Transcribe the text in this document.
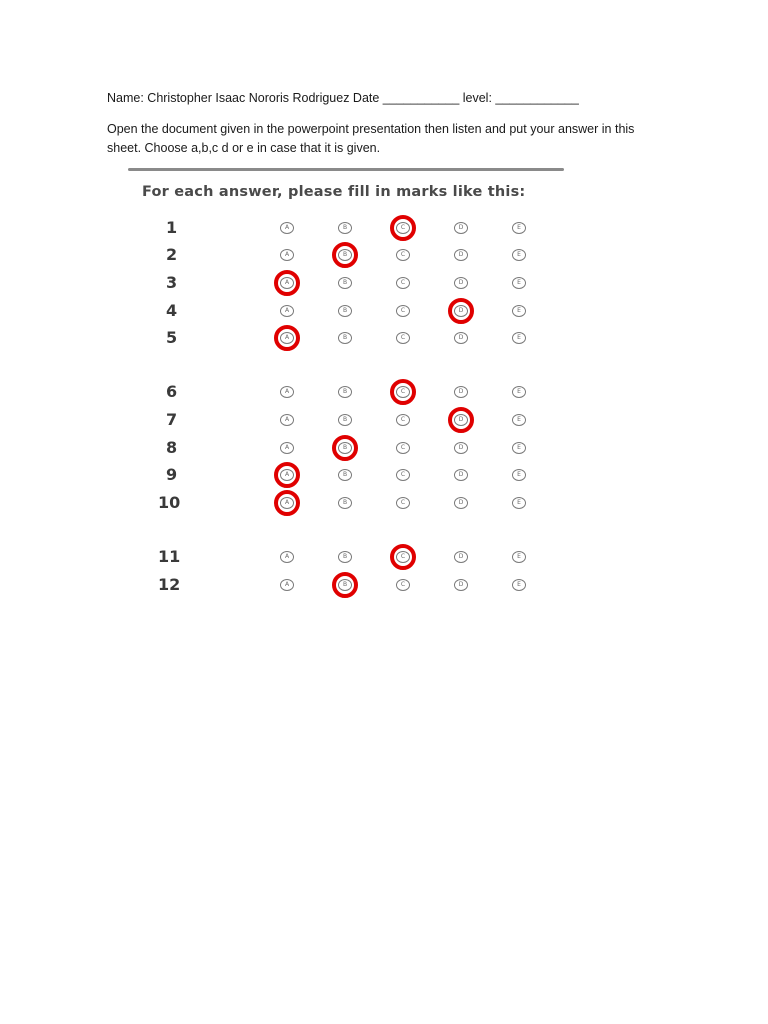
Name: Christopher Isaac Nororis Rodriguez Date ___________ level: ____________
Open the document given in the powerpoint presentation then listen and put your answer in this
sheet. Choose a,b,c d or e in case that it is given.
For each answer, please fill in marks like this:
1	A	B	C	D	E
2	A	B	C	D	E
3	A	B	C	D	E
4	A	B	C	D	E
5	A	B	C	D	E
6	A	B	C	D	E
7	A	B	C	D	E
8	A	B	C	D	E
9	A	B	C	D	E
10	A	B	C	D	E
11	A	B	C	D	E
12	A	B	C	D	E
